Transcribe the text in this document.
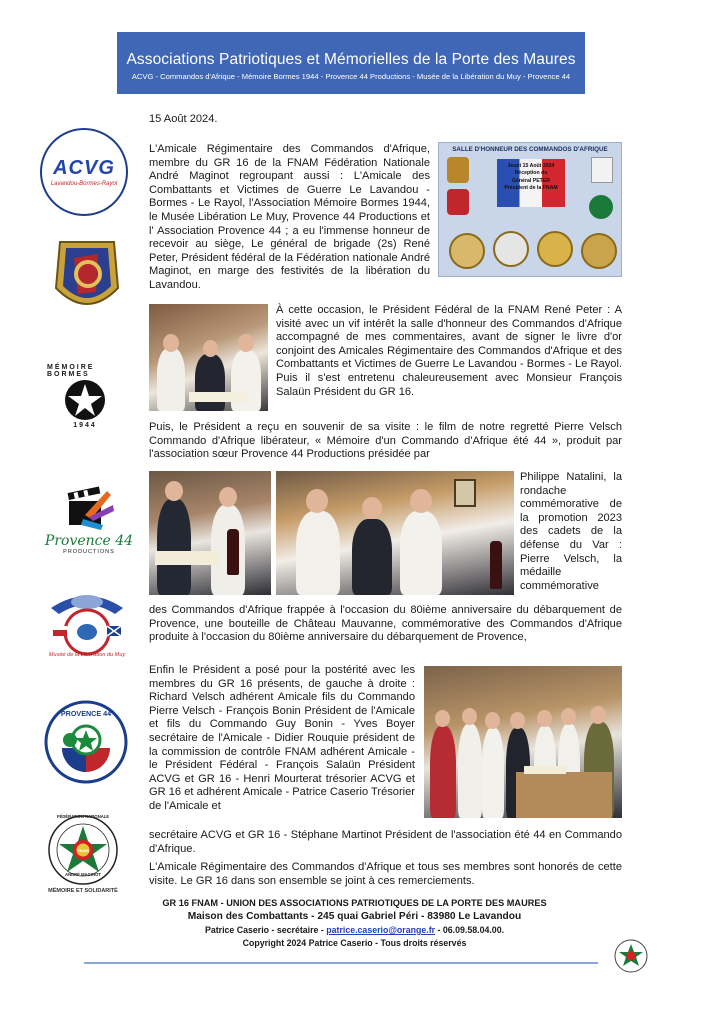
Associations Patriotiques et Mémorielles de la Porte des Maures
ACVG - Commandos d'Afrique - Mémoire Bormes 1944 - Provence 44 Productions - Musée de la Libération du Muy - Provence 44
ACVG
Lavandou-Bormes-Rayol
MÉMOIRE BORMES
1944
Provence 44
PRODUCTIONS
Musée de la Libération du Muy
PROVENCE 44
FÉDÉRATION NATIONALE
FNAM
ANDRÉ MAGINOT
MÉMOIRE ET SOLIDARITÉ
15 Août 2024.
L'Amicale Régimentaire des Commandos d'Afrique, membre du GR 16 de la FNAM Fédération Nationale André Maginot regroupant aussi : L'Amicale des Combattants et Victimes de Guerre Le Lavandou - Bormes - Le Rayol, l'Association Mémoire Bormes 1944, le Musée Libération Le Muy, Provence 44 Productions et l' Association Provence 44 ; a eu l'immense honneur de recevoir au siège, Le général de brigade (2s) René Peter, Président fédéral de la Fédération nationale André Maginot, en marge des festivités de la libération du Lavandou.
SALLE D'HONNEUR DES COMMANDOS D'AFRIQUE
Jeudi 15 Août 2024
Réception du
Général PETER
Président de la FNAM
À cette occasion, le Président Fédéral de la FNAM René Peter : A visité avec un vif intérêt la salle d'honneur des Commandos d'Afrique accompagné de mes commentaires, avant de signer le livre d'or conjoint des Amicales Régimentaire des Commandos d'Afrique et des Combattants et Victimes de Guerre Le Lavandou - Bormes - Le Rayol. Puis il s'est entretenu chaleureusement avec Monsieur François Salaün Président du GR 16.
Puis, le Président a reçu en souvenir de sa visite : le film de notre regretté Pierre Velsch Commando d'Afrique libérateur, « Mémoire d'un Commando d'Afrique été 44 », produit par l'association sœur Provence 44 Productions présidée par
Philippe Natalini, la rondache commémorative de la promotion 2023 des cadets de la défense du Var : Pierre Velsch, la médaille commémorative
des Commandos d'Afrique frappée à l'occasion du 80ième anniversaire du débarquement de Provence, une bouteille de Château Mauvanne, commémorative des Commandos d'Afrique produite à l'occasion du 80ième anniversaire du débarquement de Provence,
Enfin le Président a posé pour la postérité avec les membres du GR 16 présents, de gauche à droite : Richard Velsch adhérent Amicale fils du Commando Pierre Velsch - François Bonin Président de l'Amicale et fils du Commando Guy Bonin - Yves Boyer secrétaire de l'Amicale - Didier Rouquie président de la commission de contrôle FNAM adhérent Amicale - le Président Fédéral - François Salaün Président ACVG et GR 16 - Henri Mourterat trésorier ACVG et GR 16 et adhérent Amicale - Patrice Caserio Trésorier de l'Amicale et
secrétaire ACVG et GR 16 - Stéphane Martinot Président de l'association été 44 en Commando d'Afrique.
L'Amicale Régimentaire des Commandos d'Afrique et tous ses membres sont honorés de cette visite. Le GR 16 dans son ensemble se joint à ces remerciements.
GR 16 FNAM - UNION DES ASSOCIATIONS PATRIOTIQUES DE LA PORTE DES MAURES
Maison des Combattants - 245 quai Gabriel Péri - 83980 Le Lavandou
Patrice Caserio - secrétaire - patrice.caserio@orange.fr - 06.09.58.04.00.
Copyright 2024 Patrice Caserio - Tous droits réservés
